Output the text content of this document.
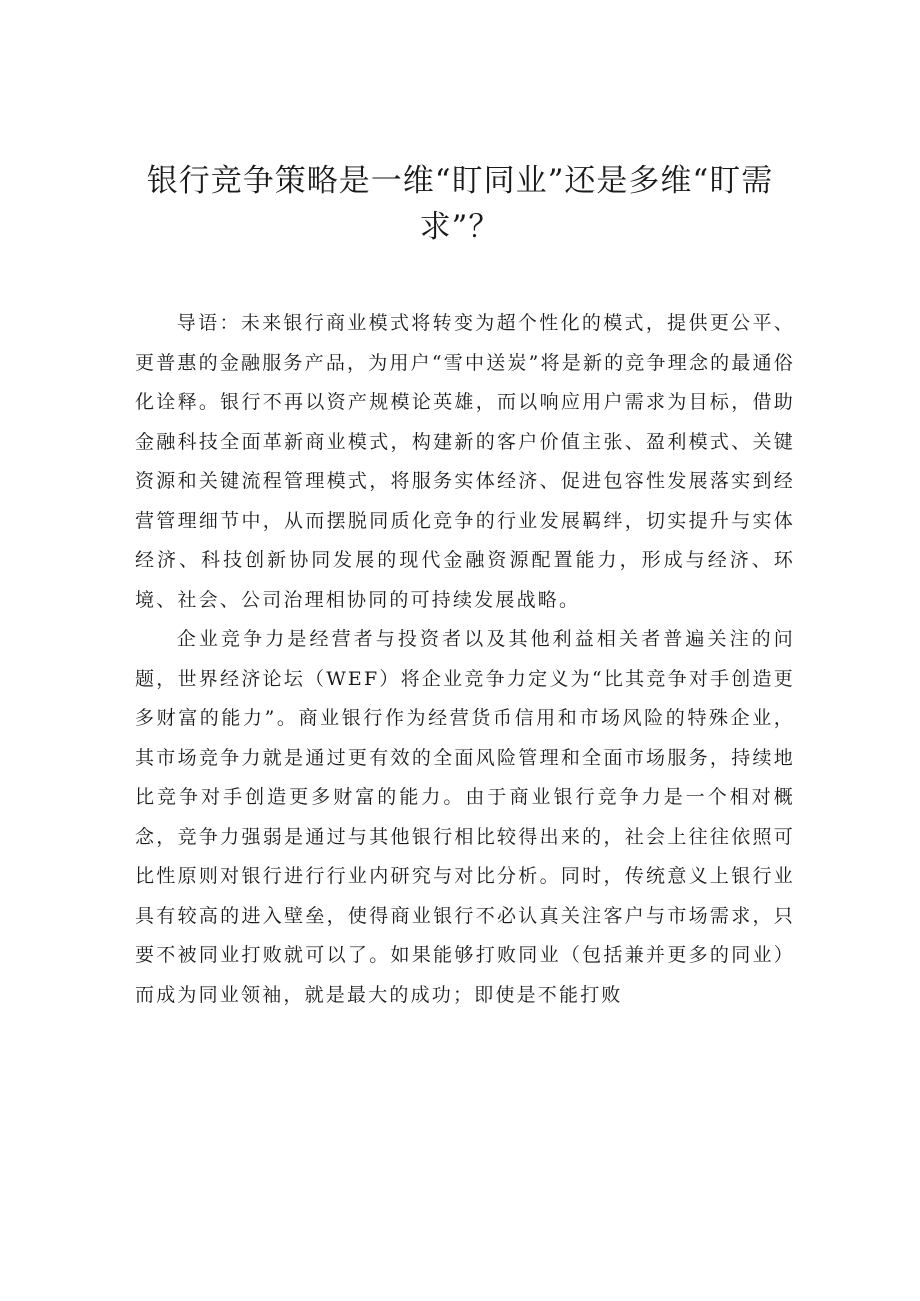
银行竞争策略是一维“盯同业”还是多维“盯需求”？

导语：未来银行商业模式将转变为超个性化的模式，提供更公平、更普惠的金融服务产品，为用户“雪中送炭”将是新的竞争理念的最通俗化诠释。银行不再以资产规模论英雄，而以响应用户需求为目标，借助金融科技全面革新商业模式，构建新的客户价值主张、盈利模式、关键资源和关键流程管理模式，将服务实体经济、促进包容性发展落实到经营管理细节中，从而摆脱同质化竞争的行业发展羁绊，切实提升与实体经济、科技创新协同发展的现代金融资源配置能力，形成与经济、环境、社会、公司治理相协同的可持续发展战略。

企业竞争力是经营者与投资者以及其他利益相关者普遍关注的问题，世界经济论坛（WEF）将企业竞争力定义为“比其竞争对手创造更多财富的能力”。商业银行作为经营货币信用和市场风险的特殊企业，其市场竞争力就是通过更有效的全面风险管理和全面市场服务，持续地比竞争对手创造更多财富的能力。由于商业银行竞争力是一个相对概念，竞争力强弱是通过与其他银行相比较得出来的，社会上往往依照可比性原则对银行进行行业内研究与对比分析。同时，传统意义上银行业具有较高的进入壁垒，使得商业银行不必认真关注客户与市场需求，只要不被同业打败就可以了。如果能够打败同业（包括兼并更多的同业）而成为同业领袖，就是最大的成功；即使是不能打败
